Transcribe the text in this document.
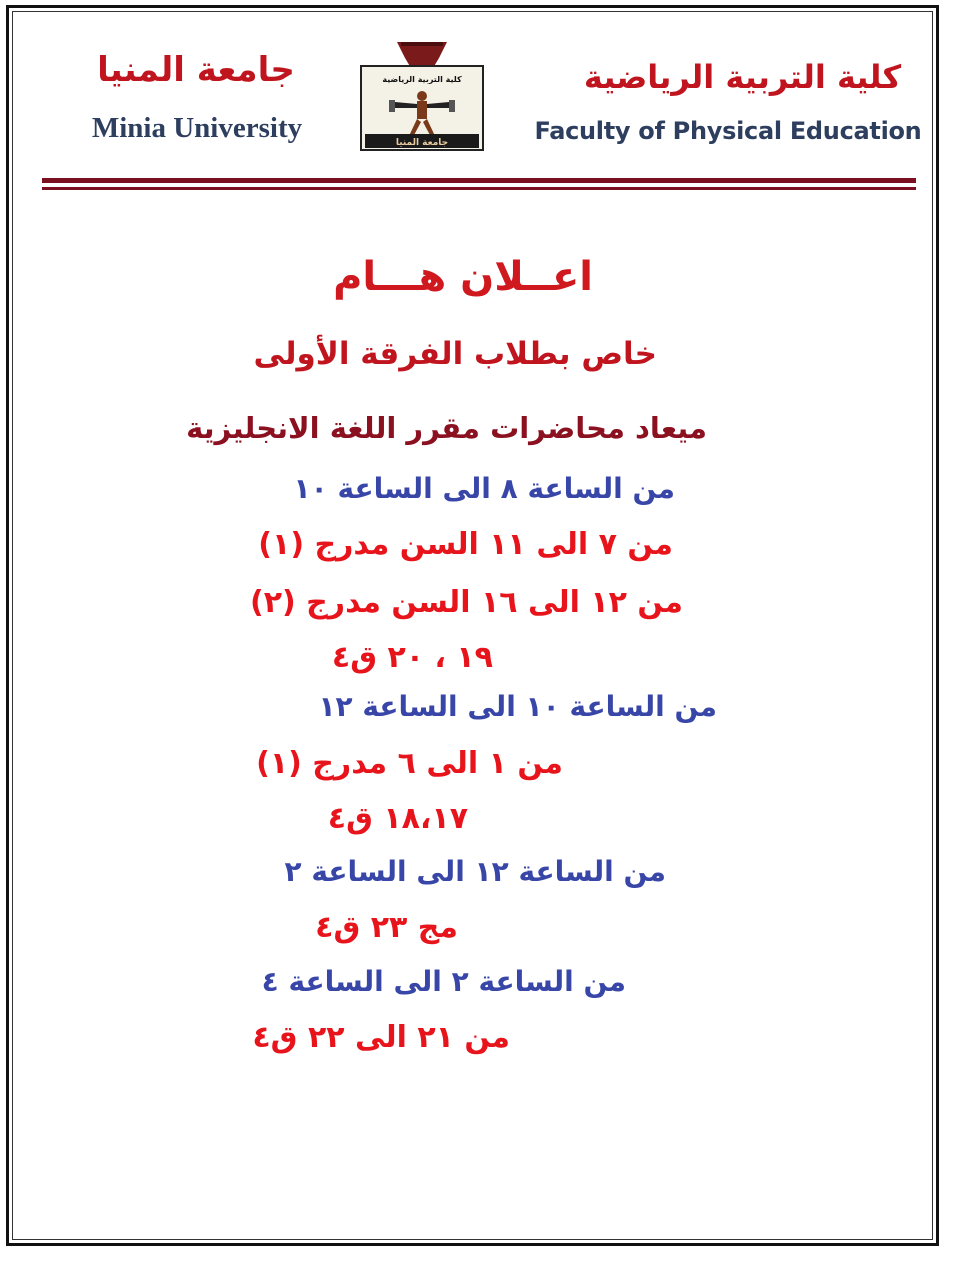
جامعة المنيا
Minia University
كلية التربية الرياضية
جامعة المنيا
كلية التربية الرياضية
Faculty of Physical Education
اعــلان هـــام
خاص بطلاب الفرقة الأولى
ميعاد محاضرات مقرر اللغة الانجليزية
من الساعة ٨ الى الساعة ١٠
من ٧ الى ١١ السن مدرج (١)
من ١٢ الى ١٦ السن مدرج (٢)
١٩ ، ٢٠ ق٤
من الساعة ١٠ الى الساعة ١٢
من ١ الى ٦ مدرج (١)
١٨،١٧ ق٤
من الساعة ١٢ الى الساعة ٢
مج ٢٣ ق٤
من الساعة ٢ الى الساعة ٤
من ٢١ الى ٢٢ ق٤
